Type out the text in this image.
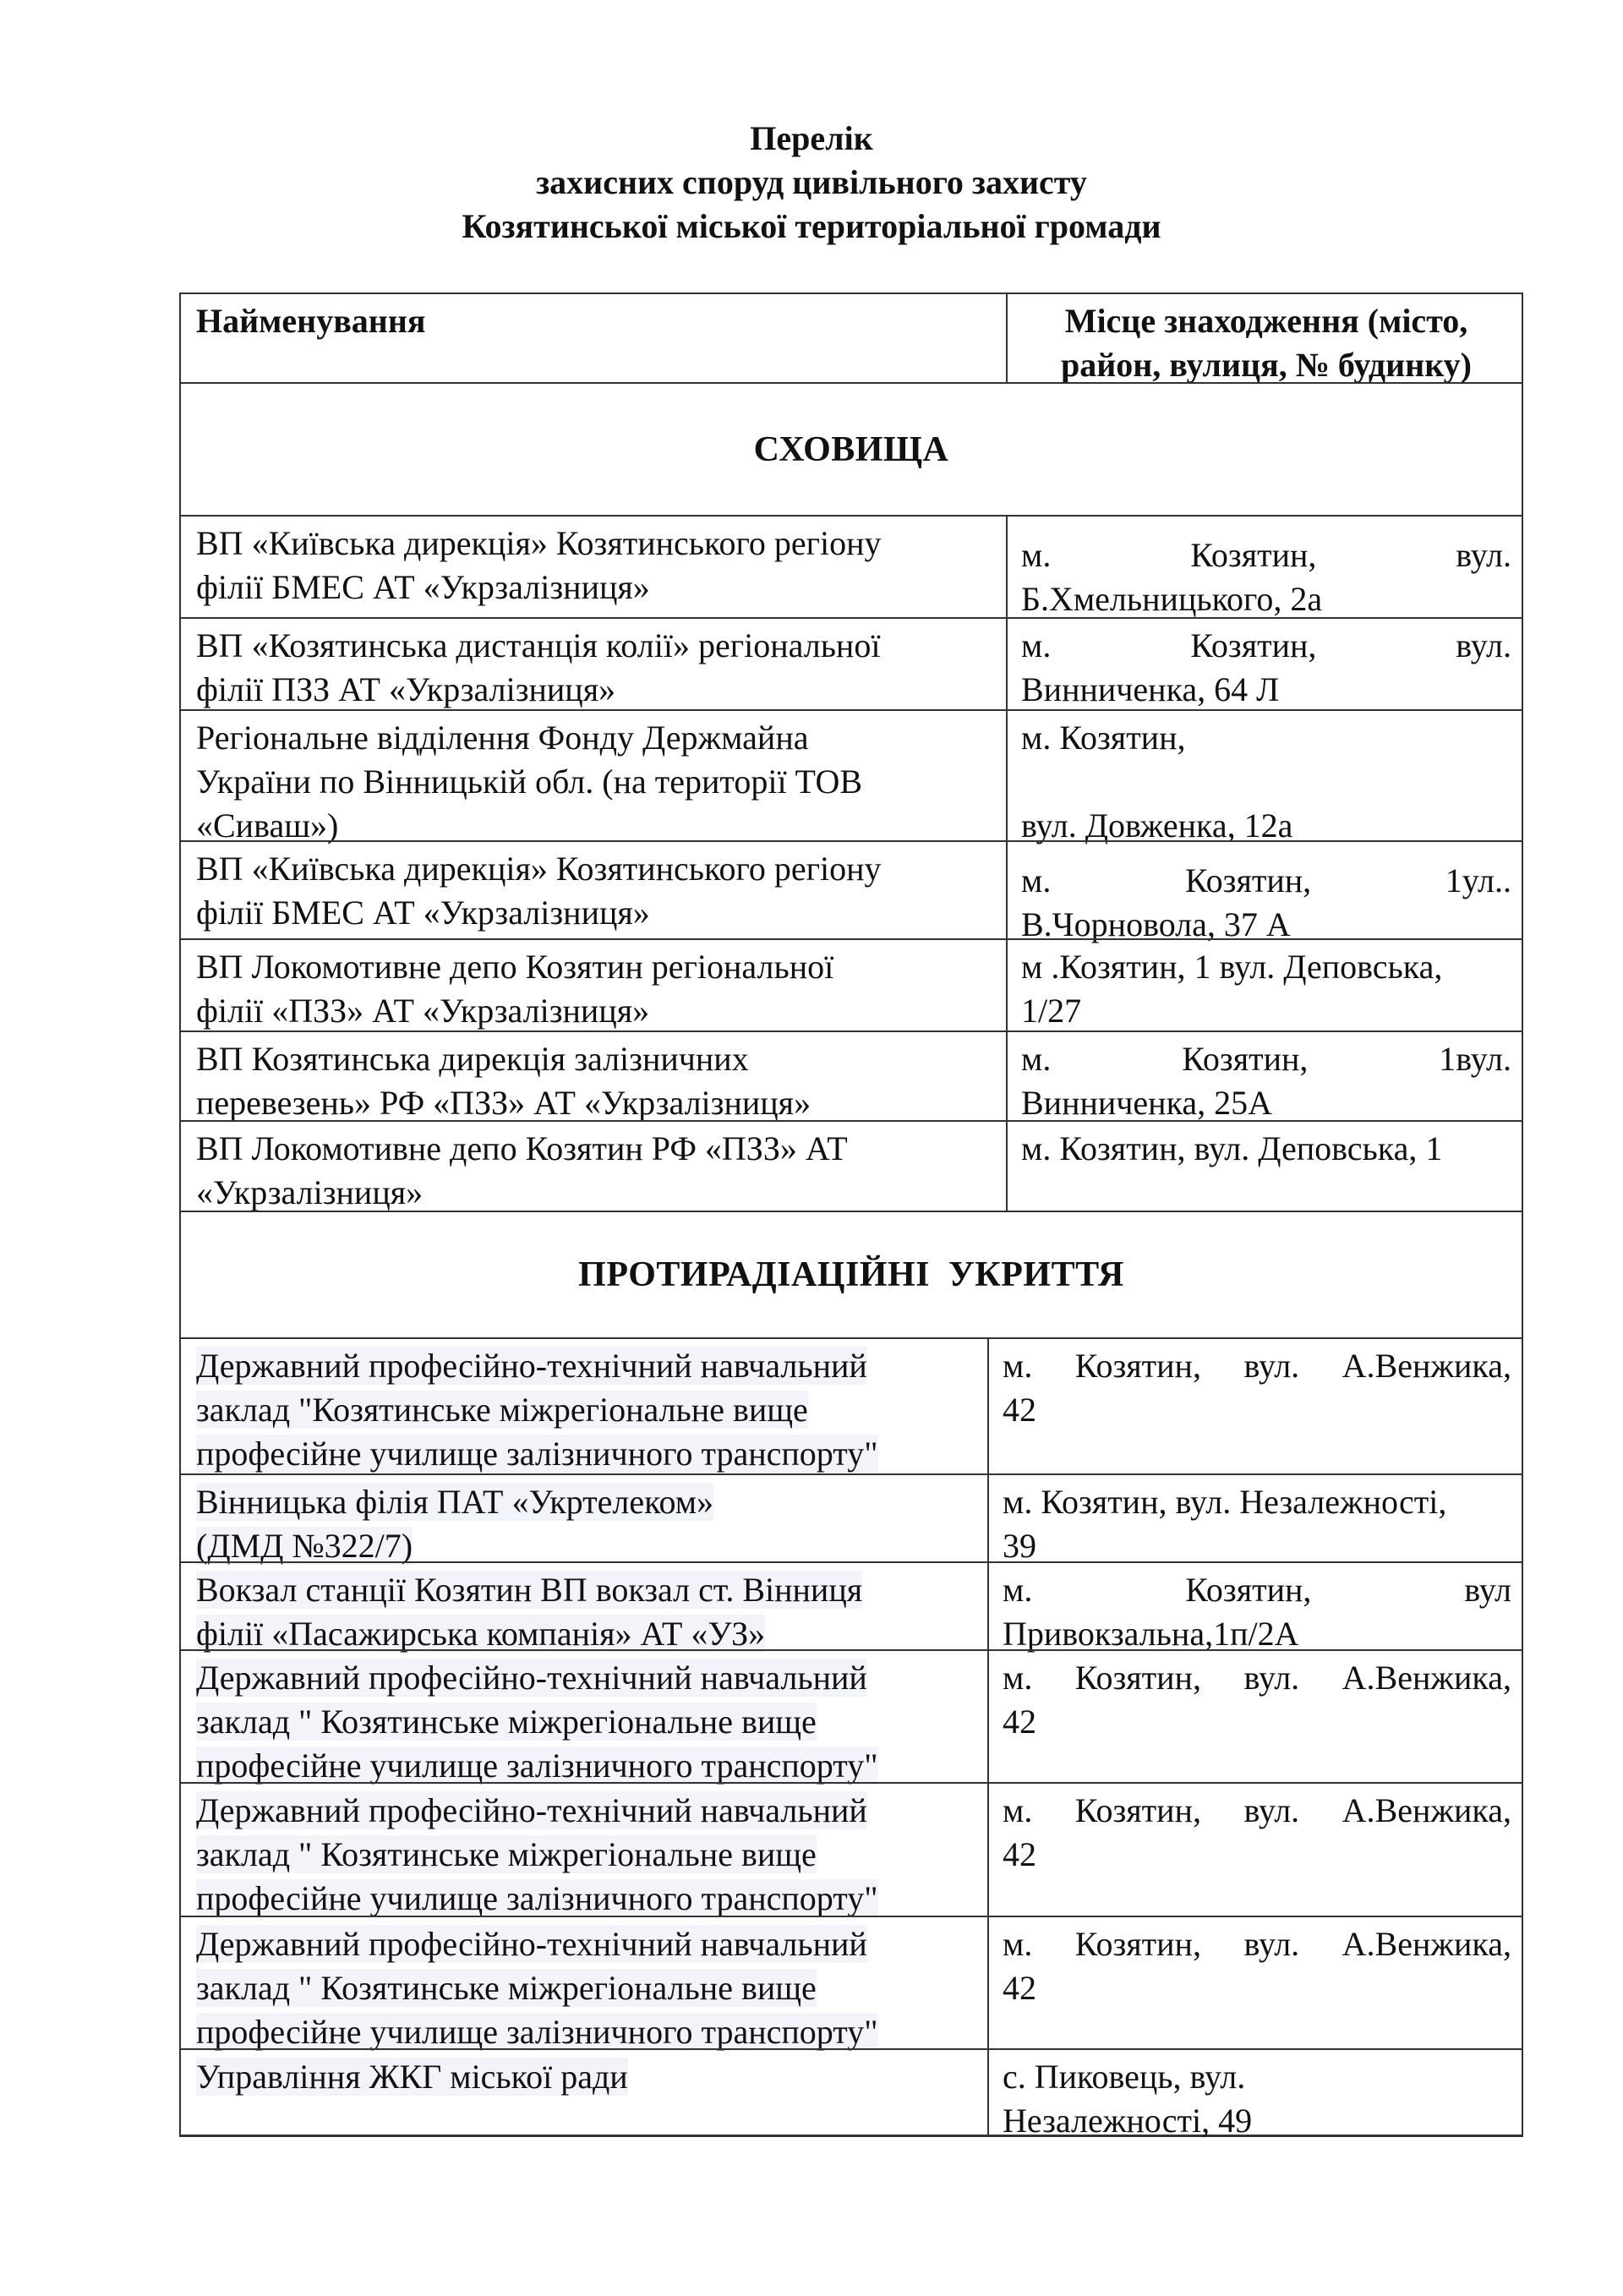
Перелік
захисних споруд цивільного захисту
Козятинської міської територіальної громади
Найменування	Місце знаходження (місто,
район, вулиця, № будинку)
СХОВИЩА
ВП «Київська дирекція» Козятинського регіону
філії БМЕС АТ «Укрзалізниця»
м. Козятин, вул.
Б.Хмельницького, 2а
ВП «Козятинська дистанція колії» регіональної
філії ПЗЗ АТ «Укрзалізниця»
м. Козятин, вул.
Винниченка, 64 Л
Регіональне відділення Фонду Держмайна
України по Вінницькій обл. (на території ТОВ
«Сиваш»)
м. Козятин,
вул. Довженка, 12а
ВП «Київська дирекція» Козятинського регіону
філії БМЕС АТ «Укрзалізниця»
м. Козятин, 1ул..
В.Чорновола, 37 А
ВП Локомотивне депо Козятин регіональної
філії «ПЗЗ» АТ «Укрзалізниця»
м .Козятин, 1 вул. Деповська,
1/27
ВП Козятинська дирекція залізничних
перевезень» РФ «ПЗЗ» АТ «Укрзалізниця»
м. Козятин, 1вул.
Винниченка, 25А
ВП Локомотивне депо Козятин РФ «ПЗЗ» АТ
«Укрзалізниця»
м. Козятин, вул. Деповська, 1
ПРОТИРАДІАЦІЙНІ  УКРИТТЯ
Державний професійно-технічний навчальний
заклад "Козятинське міжрегіональне вище
професійне училище залізничного транспорту"
м. Козятин, вул. А.Венжика,
42
Вінницька філія ПАТ «Укртелеком»
(ДМД №322/7)
м. Козятин, вул. Незалежності,
39
Вокзал станції Козятин ВП вокзал ст. Вінниця
філії «Пасажирська компанія» АТ «УЗ»
м. Козятин, вул
Привокзальна,1п/2А
Державний професійно-технічний навчальний
заклад " Козятинське міжрегіональне вище
професійне училище залізничного транспорту"
м. Козятин, вул. А.Венжика,
42
Державний професійно-технічний навчальний
заклад " Козятинське міжрегіональне вище
професійне училище залізничного транспорту"
м. Козятин, вул. А.Венжика,
42
Державний професійно-технічний навчальний
заклад " Козятинське міжрегіональне вище
професійне училище залізничного транспорту"
м. Козятин, вул. А.Венжика,
42
Управління ЖКГ міської ради	с. Пиковець, вул.
Незалежності, 49
